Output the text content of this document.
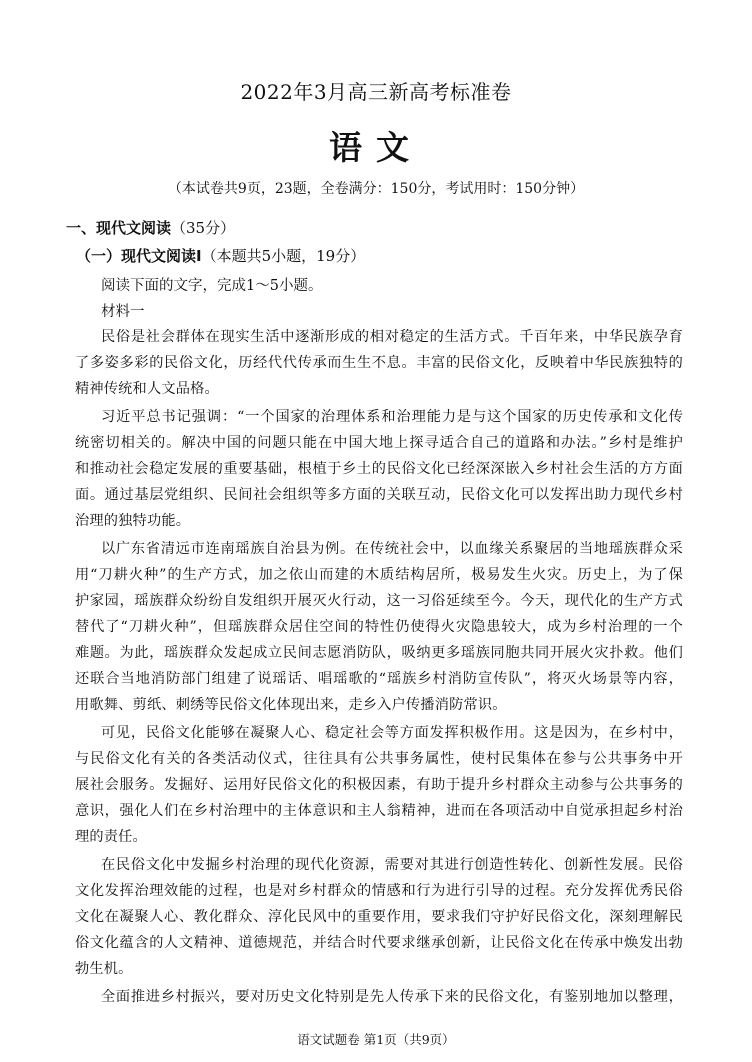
2022年3月高三新高考标准卷
语文
（本试卷共9页，23题，全卷满分：150分，考试用时：150分钟）
一、现代文阅读（35分）
（一）现代文阅读Ⅰ（本题共5小题，19分）
阅读下面的文字，完成1～5小题。
材料一
民俗是社会群体在现实生活中逐渐形成的相对稳定的生活方式。千百年来，中华民族孕育
了多姿多彩的民俗文化，历经代代传承而生生不息。丰富的民俗文化，反映着中华民族独特的
精神传统和人文品格。
习近平总书记强调：“一个国家的治理体系和治理能力是与这个国家的历史传承和文化传
统密切相关的。解决中国的问题只能在中国大地上探寻适合自己的道路和办法。”乡村是维护
和推动社会稳定发展的重要基础，根植于乡土的民俗文化已经深深嵌入乡村社会生活的方方面
面。通过基层党组织、民间社会组织等多方面的关联互动，民俗文化可以发挥出助力现代乡村
治理的独特功能。
以广东省清远市连南瑶族自治县为例。在传统社会中，以血缘关系聚居的当地瑶族群众采
用“刀耕火种”的生产方式，加之依山而建的木质结构居所，极易发生火灾。历史上，为了保
护家园，瑶族群众纷纷自发组织开展灭火行动，这一习俗延续至今。今天，现代化的生产方式
替代了“刀耕火种”，但瑶族群众居住空间的特性仍使得火灾隐患较大，成为乡村治理的一个
难题。为此，瑶族群众发起成立民间志愿消防队，吸纳更多瑶族同胞共同开展火灾扑救。他们
还联合当地消防部门组建了说瑶话、唱瑶歌的“瑶族乡村消防宣传队”，将灭火场景等内容，
用歌舞、剪纸、刺绣等民俗文化体现出来，走乡入户传播消防常识。
可见，民俗文化能够在凝聚人心、稳定社会等方面发挥积极作用。这是因为，在乡村中，
与民俗文化有关的各类活动仪式，往往具有公共事务属性，使村民集体在参与公共事务中开
展社会服务。发掘好、运用好民俗文化的积极因素，有助于提升乡村群众主动参与公共事务的
意识，强化人们在乡村治理中的主体意识和主人翁精神，进而在各项活动中自觉承担起乡村治
理的责任。
在民俗文化中发掘乡村治理的现代化资源，需要对其进行创造性转化、创新性发展。民俗
文化发挥治理效能的过程，也是对乡村群众的情感和行为进行引导的过程。充分发挥优秀民俗
文化在凝聚人心、教化群众、淳化民风中的重要作用，要求我们守护好民俗文化，深刻理解民
俗文化蕴含的人文精神、道德规范，并结合时代要求继承创新，让民俗文化在传承中焕发出勃
勃生机。
全面推进乡村振兴，要对历史文化特别是先人传承下来的民俗文化，有鉴别地加以整理，
语文试题卷 第1页（共9页）
